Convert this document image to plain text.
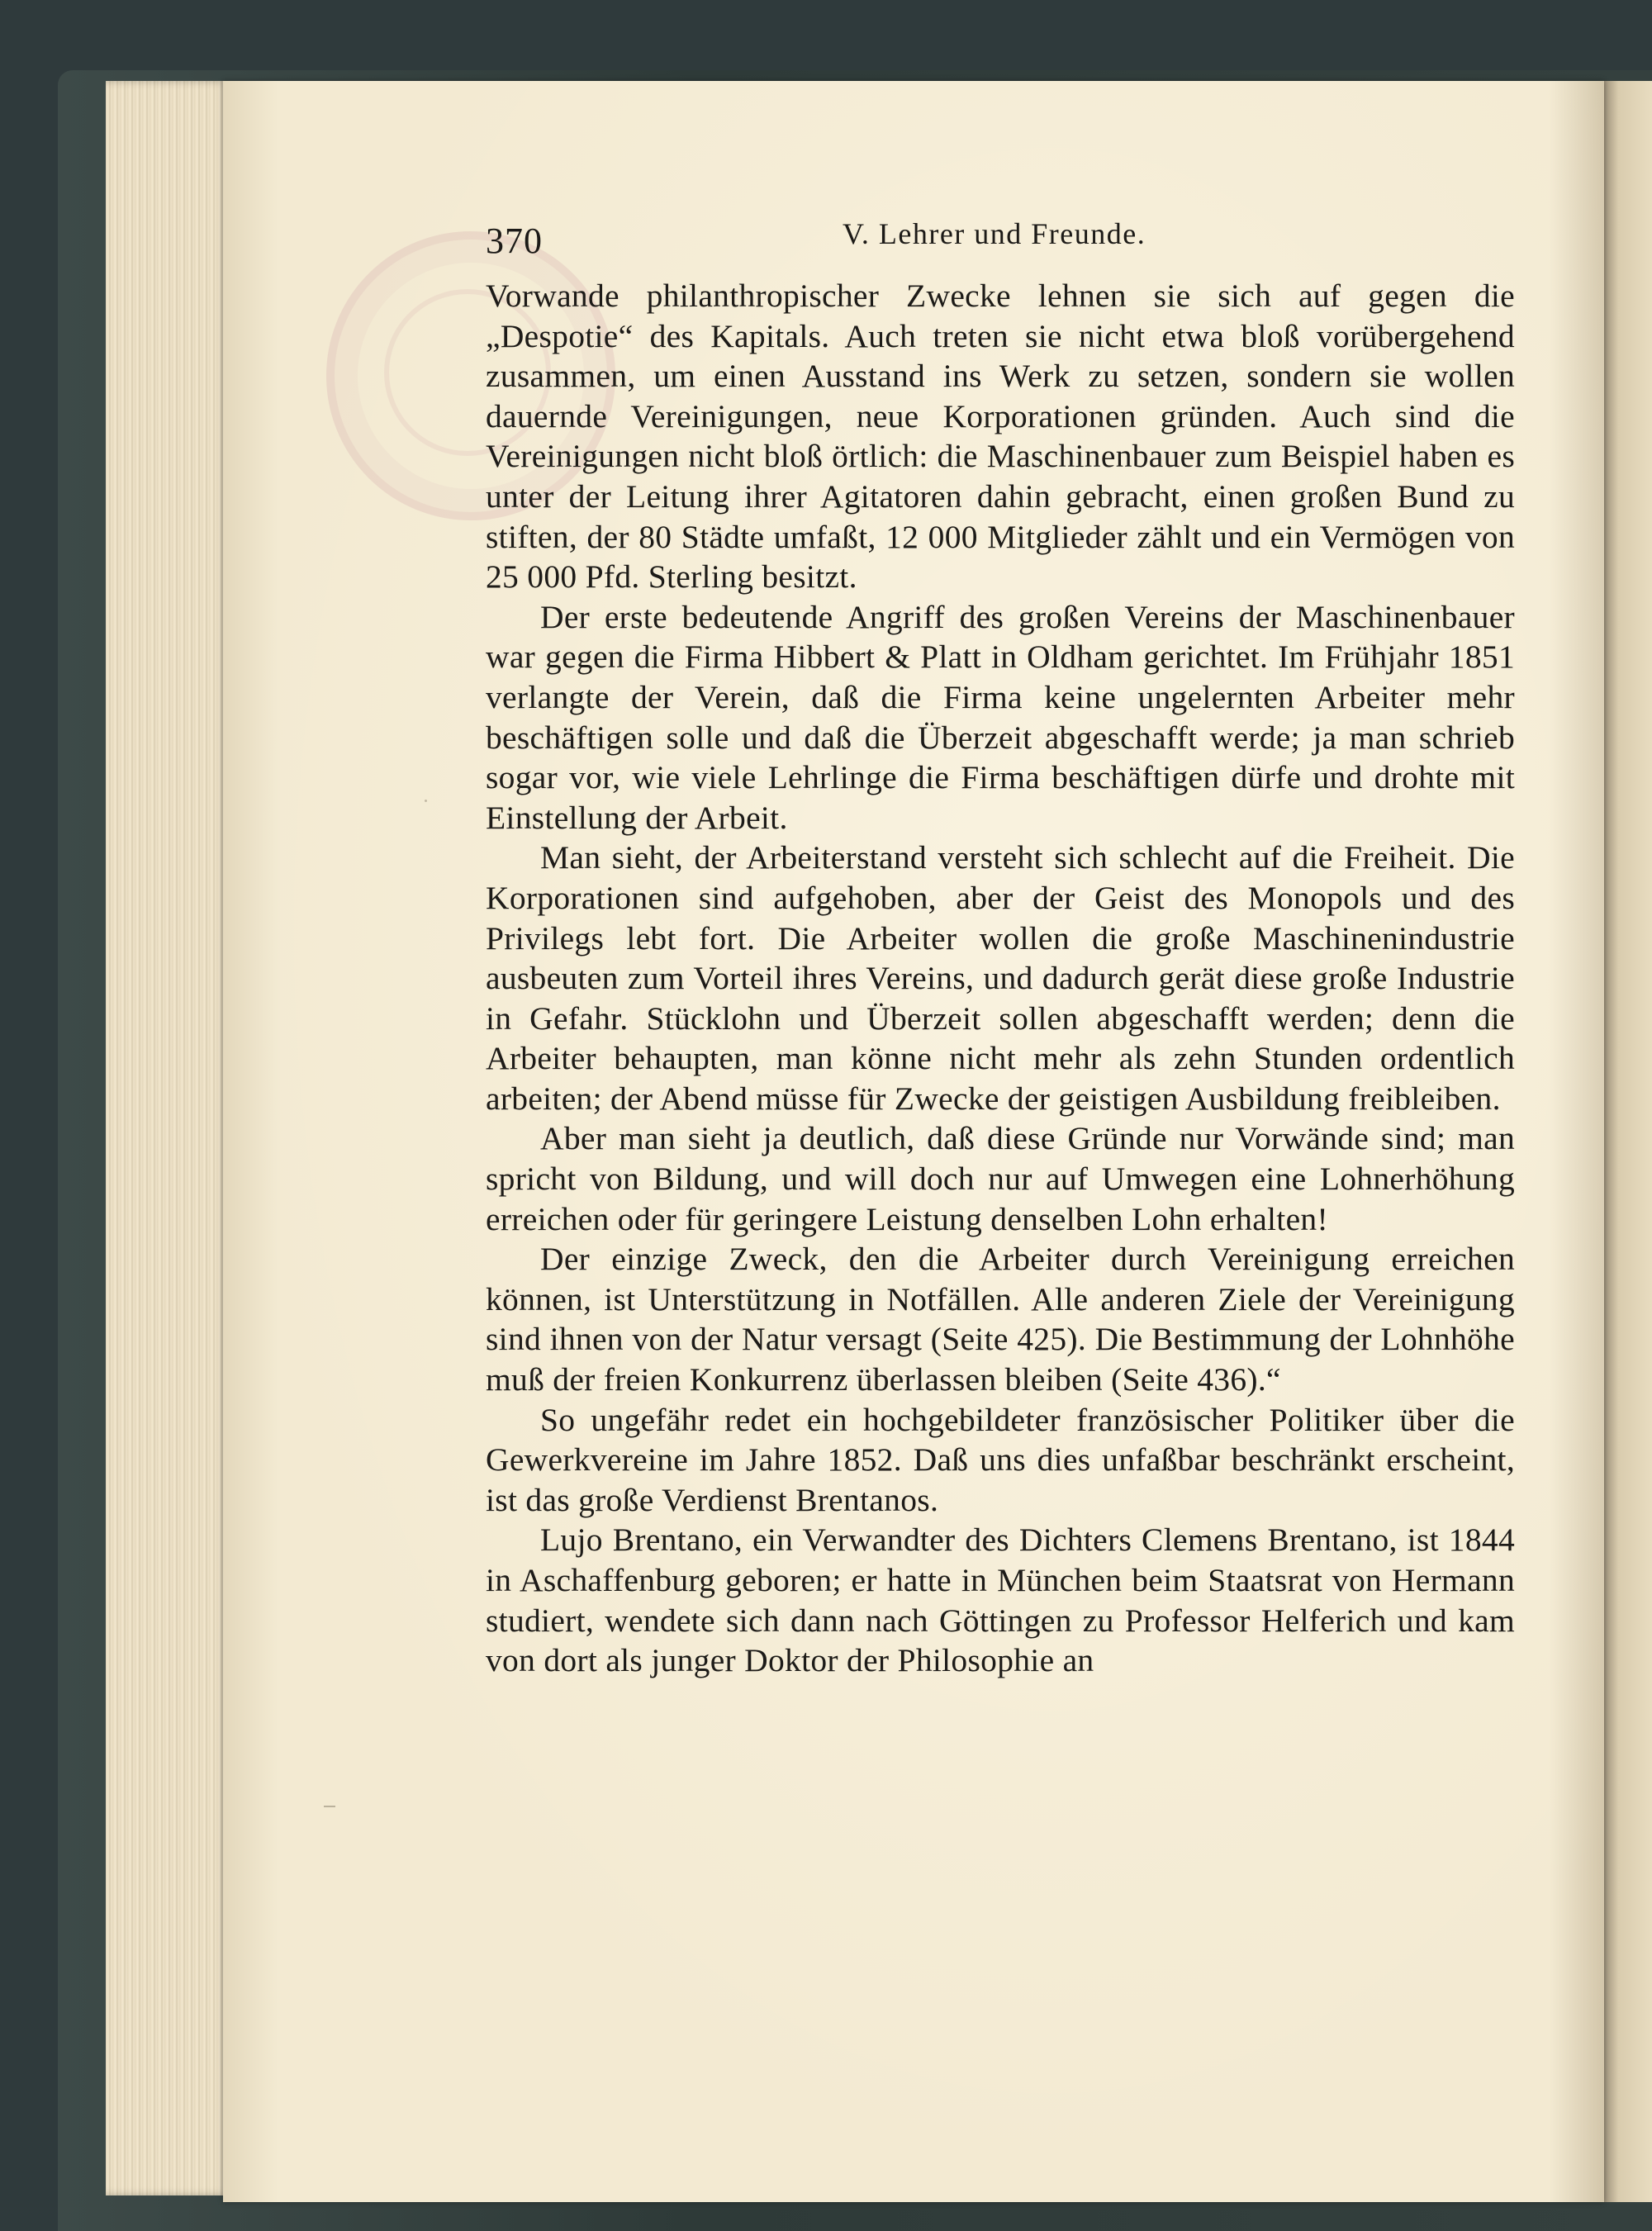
370	V. Lehrer und Freunde.

Vorwande philanthropischer Zwecke lehnen sie sich auf gegen die „Despotie“ des Kapitals. Auch treten sie nicht etwa bloß vorübergehend zusammen, um einen Ausstand ins Werk zu setzen, sondern sie wollen dauernde Vereinigungen, neue Korporationen gründen. Auch sind die Vereinigungen nicht bloß örtlich: die Maschinenbauer zum Beispiel haben es unter der Leitung ihrer Agitatoren dahin gebracht, einen großen Bund zu stiften, der 80 Städte umfaßt, 12 000 Mitglieder zählt und ein Vermögen von 25 000 Pfd. Sterling besitzt.

Der erste bedeutende Angriff des großen Vereins der Maschinenbauer war gegen die Firma Hibbert & Platt in Oldham gerichtet. Im Frühjahr 1851 verlangte der Verein, daß die Firma keine ungelernten Arbeiter mehr beschäftigen solle und daß die Überzeit abgeschafft werde; ja man schrieb sogar vor, wie viele Lehrlinge die Firma beschäftigen dürfe und drohte mit Einstellung der Arbeit.

Man sieht, der Arbeiterstand versteht sich schlecht auf die Freiheit. Die Korporationen sind aufgehoben, aber der Geist des Monopols und des Privilegs lebt fort. Die Arbeiter wollen die große Maschinenindustrie ausbeuten zum Vorteil ihres Vereins, und dadurch gerät diese große Industrie in Gefahr. Stücklohn und Überzeit sollen abgeschafft werden; denn die Arbeiter behaupten, man könne nicht mehr als zehn Stunden ordentlich arbeiten; der Abend müsse für Zwecke der geistigen Ausbildung freibleiben.

Aber man sieht ja deutlich, daß diese Gründe nur Vorwände sind; man spricht von Bildung, und will doch nur auf Umwegen eine Lohnerhöhung erreichen oder für geringere Leistung denselben Lohn erhalten!

Der einzige Zweck, den die Arbeiter durch Vereinigung erreichen können, ist Unterstützung in Notfällen. Alle anderen Ziele der Vereinigung sind ihnen von der Natur versagt (Seite 425). Die Bestimmung der Lohnhöhe muß der freien Konkurrenz überlassen bleiben (Seite 436).“

So ungefähr redet ein hochgebildeter französischer Politiker über die Gewerkvereine im Jahre 1852. Daß uns dies unfaßbar beschränkt erscheint, ist das große Verdienst Brentanos.

Lujo Brentano, ein Verwandter des Dichters Clemens Brentano, ist 1844 in Aschaffenburg geboren; er hatte in München beim Staatsrat von Hermann studiert, wendete sich dann nach Göttingen zu Professor Helferich und kam von dort als junger Doktor der Philosophie an
